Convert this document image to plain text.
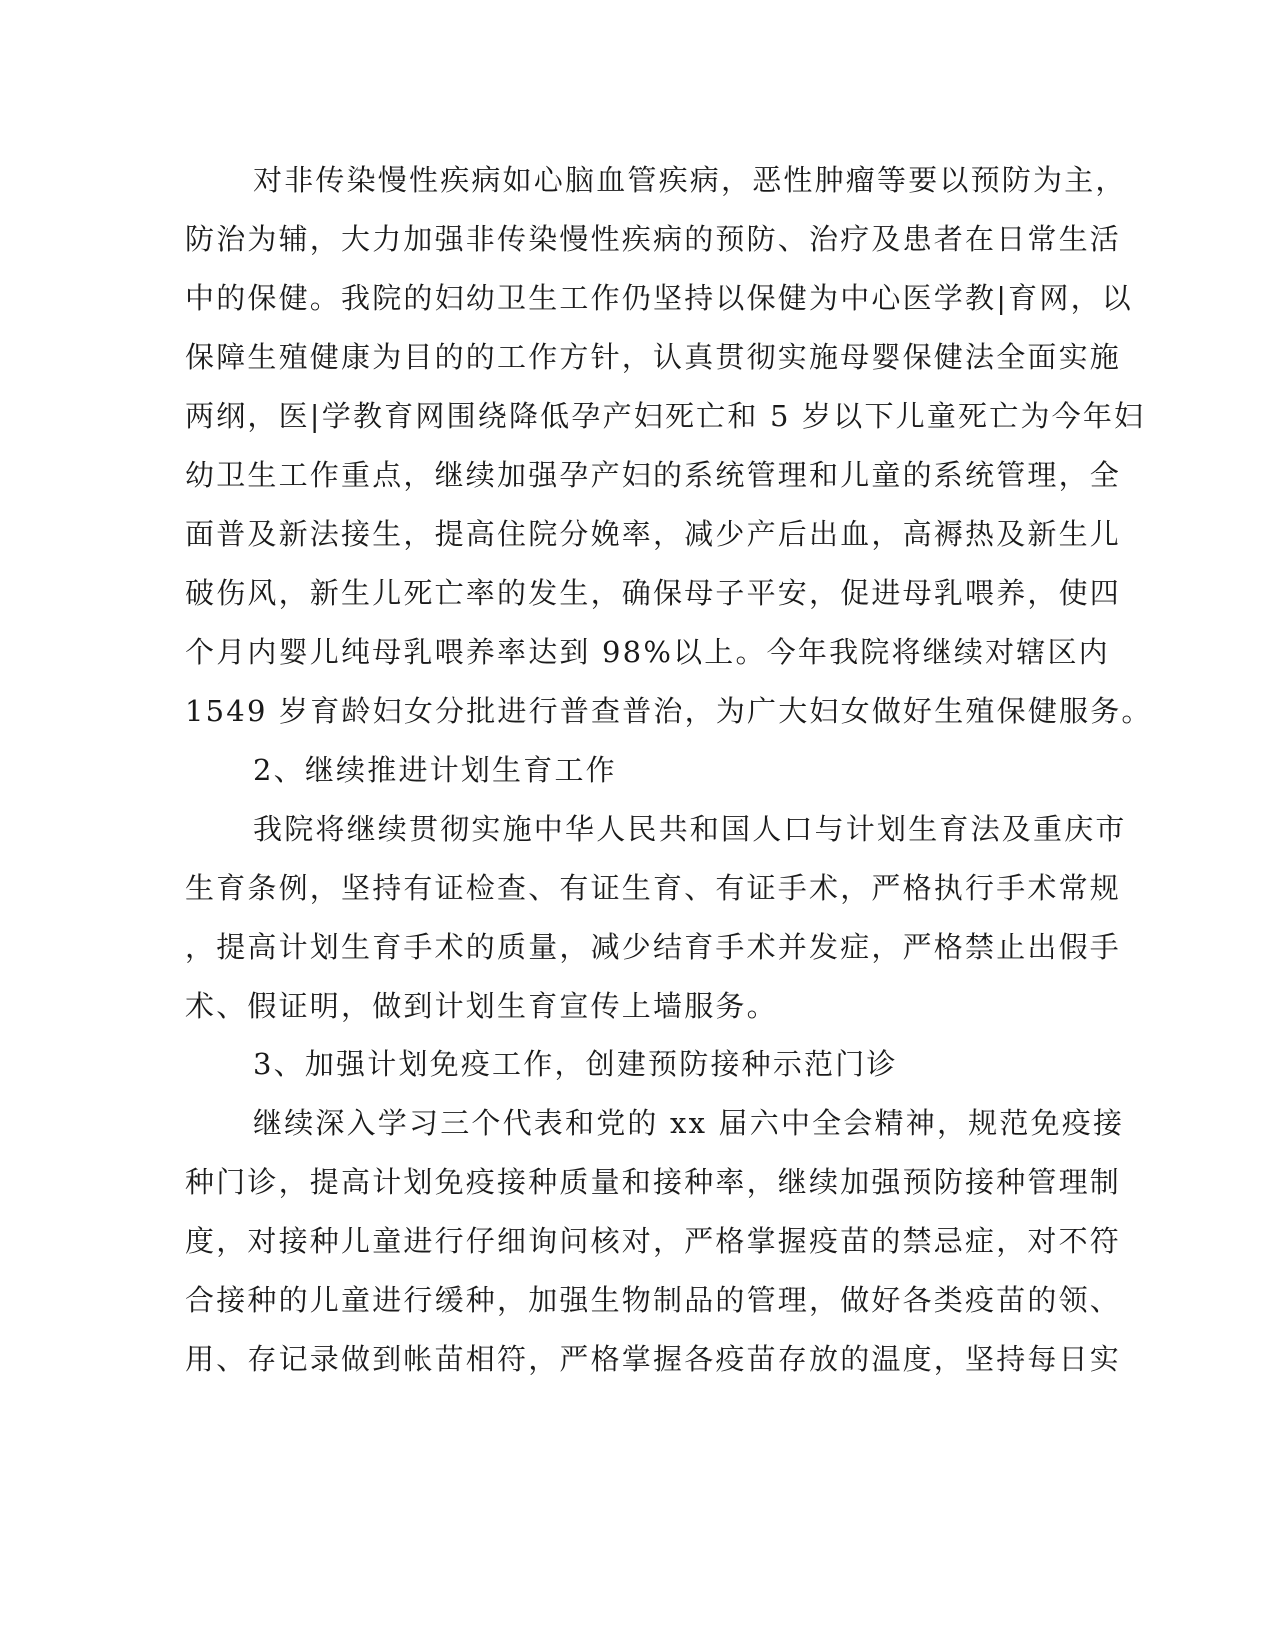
对非传染慢性疾病如心脑血管疾病，恶性肿瘤等要以预防为主，
防治为辅，大力加强非传染慢性疾病的预防、治疗及患者在日常生活
中的保健。我院的妇幼卫生工作仍坚持以保健为中心医学教|育网，以
保障生殖健康为目的的工作方针，认真贯彻实施母婴保健法全面实施
两纲，医|学教育网围绕降低孕产妇死亡和 5 岁以下儿童死亡为今年妇
幼卫生工作重点，继续加强孕产妇的系统管理和儿童的系统管理，全
面普及新法接生，提高住院分娩率，减少产后出血，高褥热及新生儿
破伤风，新生儿死亡率的发生，确保母子平安，促进母乳喂养，使四
个月内婴儿纯母乳喂养率达到 98%以上。今年我院将继续对辖区内
1549 岁育龄妇女分批进行普查普治，为广大妇女做好生殖保健服务。
2、继续推进计划生育工作
我院将继续贯彻实施中华人民共和国人口与计划生育法及重庆市
生育条例，坚持有证检查、有证生育、有证手术，严格执行手术常规
，提高计划生育手术的质量，减少结育手术并发症，严格禁止出假手
术、假证明，做到计划生育宣传上墙服务。
3、加强计划免疫工作，创建预防接种示范门诊
继续深入学习三个代表和党的 xx 届六中全会精神，规范免疫接
种门诊，提高计划免疫接种质量和接种率，继续加强预防接种管理制
度，对接种儿童进行仔细询问核对，严格掌握疫苗的禁忌症，对不符
合接种的儿童进行缓种，加强生物制品的管理，做好各类疫苗的领、
用、存记录做到帐苗相符，严格掌握各疫苗存放的温度，坚持每日实
